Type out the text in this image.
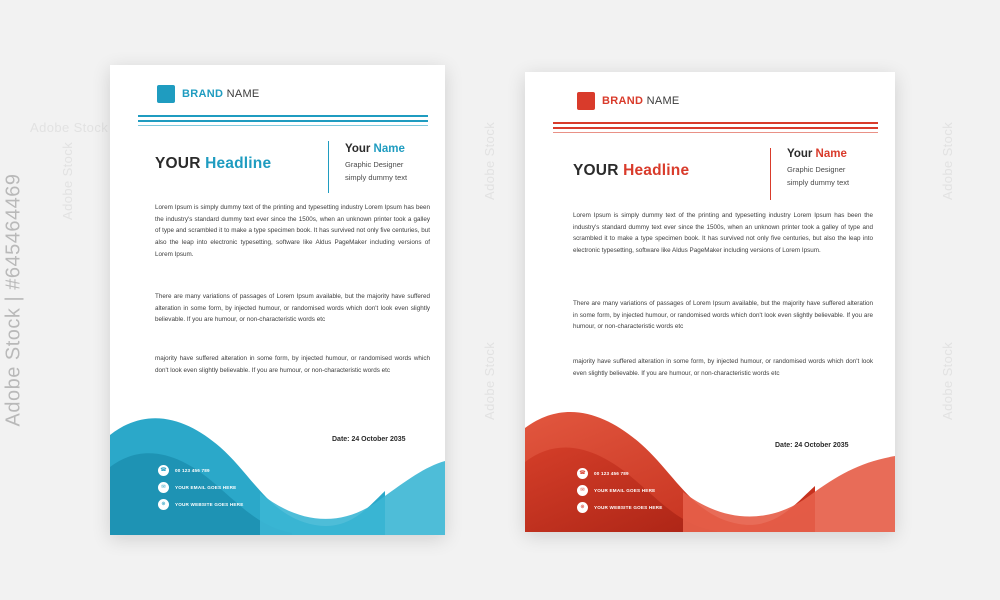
Adobe Stock
Adobe Stock	Adobe Stock
Adobe Stock
Adobe Stock
Adobe Stock
Adobe Stock | #645464469
BRAND NAME
YOUR Headline
Your Name
Graphic Designer
simply dummy text
Lorem Ipsum is simply dummy text of the printing and typesetting industry Lorem Ipsum has been the industry's standard dummy text ever since the 1500s, when an unknown printer took a galley of type and scrambled it to make a type specimen book. It has survived not only five centuries, but also the leap into electronic typesetting, software like Aldus PageMaker including versions of Lorem Ipsum.
There are many variations of passages of Lorem Ipsum available, but the majority have suffered alteration in some form, by injected humour, or randomised words which don't look even slightly believable. If you are humour, or non-characteristic words etc
majority have suffered alteration in some form, by injected humour, or randomised words which don't look even slightly believable. If you are humour, or non-characteristic words etc
Date: 24 October 2035
☎ 00 123 456 789
✉ YOUR EMAIL GOES HERE
⊕ YOUR WEBSITE GOES HERE
BRAND NAME
YOUR Headline
Your Name
Graphic Designer
simply dummy text
Lorem Ipsum is simply dummy text of the printing and typesetting industry Lorem Ipsum has been the industry's standard dummy text ever since the 1500s, when an unknown printer took a galley of type and scrambled it to make a type specimen book. It has survived not only five centuries, but also the leap into electronic typesetting, software like Aldus PageMaker including versions of Lorem Ipsum.
There are many variations of passages of Lorem Ipsum available, but the majority have suffered alteration in some form, by injected humour, or randomised words which don't look even slightly believable. If you are humour, or non-characteristic words etc
majority have suffered alteration in some form, by injected humour, or randomised words which don't look even slightly believable. If you are humour, or non-characteristic words etc
Date: 24 October 2035
☎ 00 123 456 789
✉ YOUR EMAIL GOES HERE
⊕ YOUR WEBSITE GOES HERE
